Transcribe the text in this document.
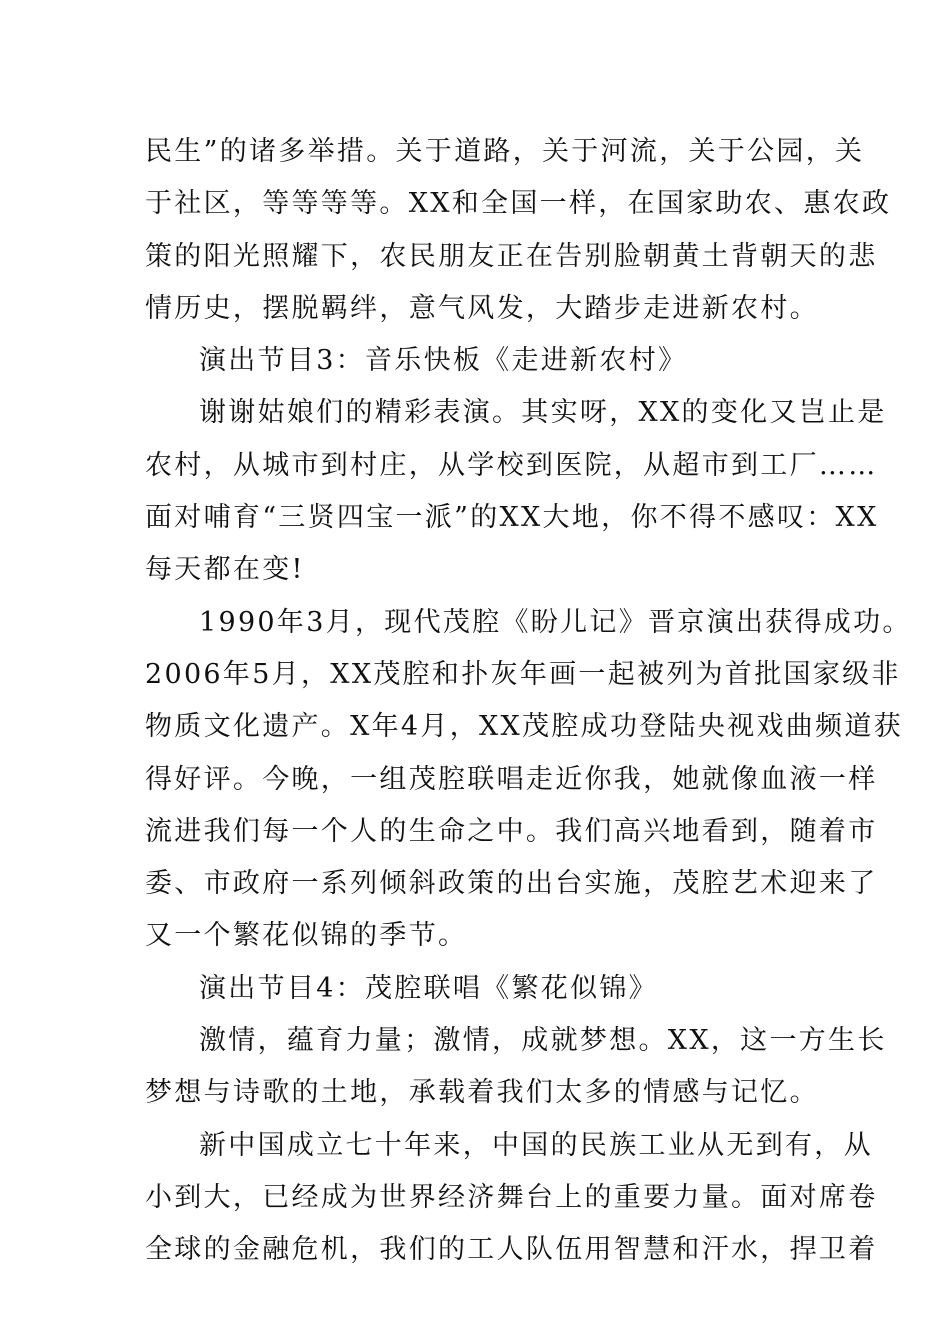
民生”的诸多举措。关于道路，关于河流，关于公园，关
于社区，等等等等。XX和全国一样，在国家助农、惠农政
策的阳光照耀下，农民朋友正在告别脸朝黄土背朝天的悲
情历史，摆脱羁绊，意气风发，大踏步走进新农村。

演出节目3：音乐快板《走进新农村》

谢谢姑娘们的精彩表演。其实呀，XX的变化又岂止是
农村，从城市到村庄，从学校到医院，从超市到工厂……
面对哺育“三贤四宝一派”的XX大地，你不得不感叹：XX
每天都在变!

1990年3月，现代茂腔《盼儿记》晋京演出获得成功。
2006年5月，XX茂腔和扑灰年画一起被列为首批国家级非
物质文化遗产。X年4月，XX茂腔成功登陆央视戏曲频道获
得好评。今晚，一组茂腔联唱走近你我，她就像血液一样
流进我们每一个人的生命之中。我们高兴地看到，随着市
委、市政府一系列倾斜政策的出台实施，茂腔艺术迎来了
又一个繁花似锦的季节。

演出节目4：茂腔联唱《繁花似锦》

激情，蕴育力量；激情，成就梦想。XX，这一方生长
梦想与诗歌的土地，承载着我们太多的情感与记忆。

新中国成立七十年来，中国的民族工业从无到有，从
小到大，已经成为世界经济舞台上的重要力量。面对席卷
全球的金融危机，我们的工人队伍用智慧和汗水，捍卫着
